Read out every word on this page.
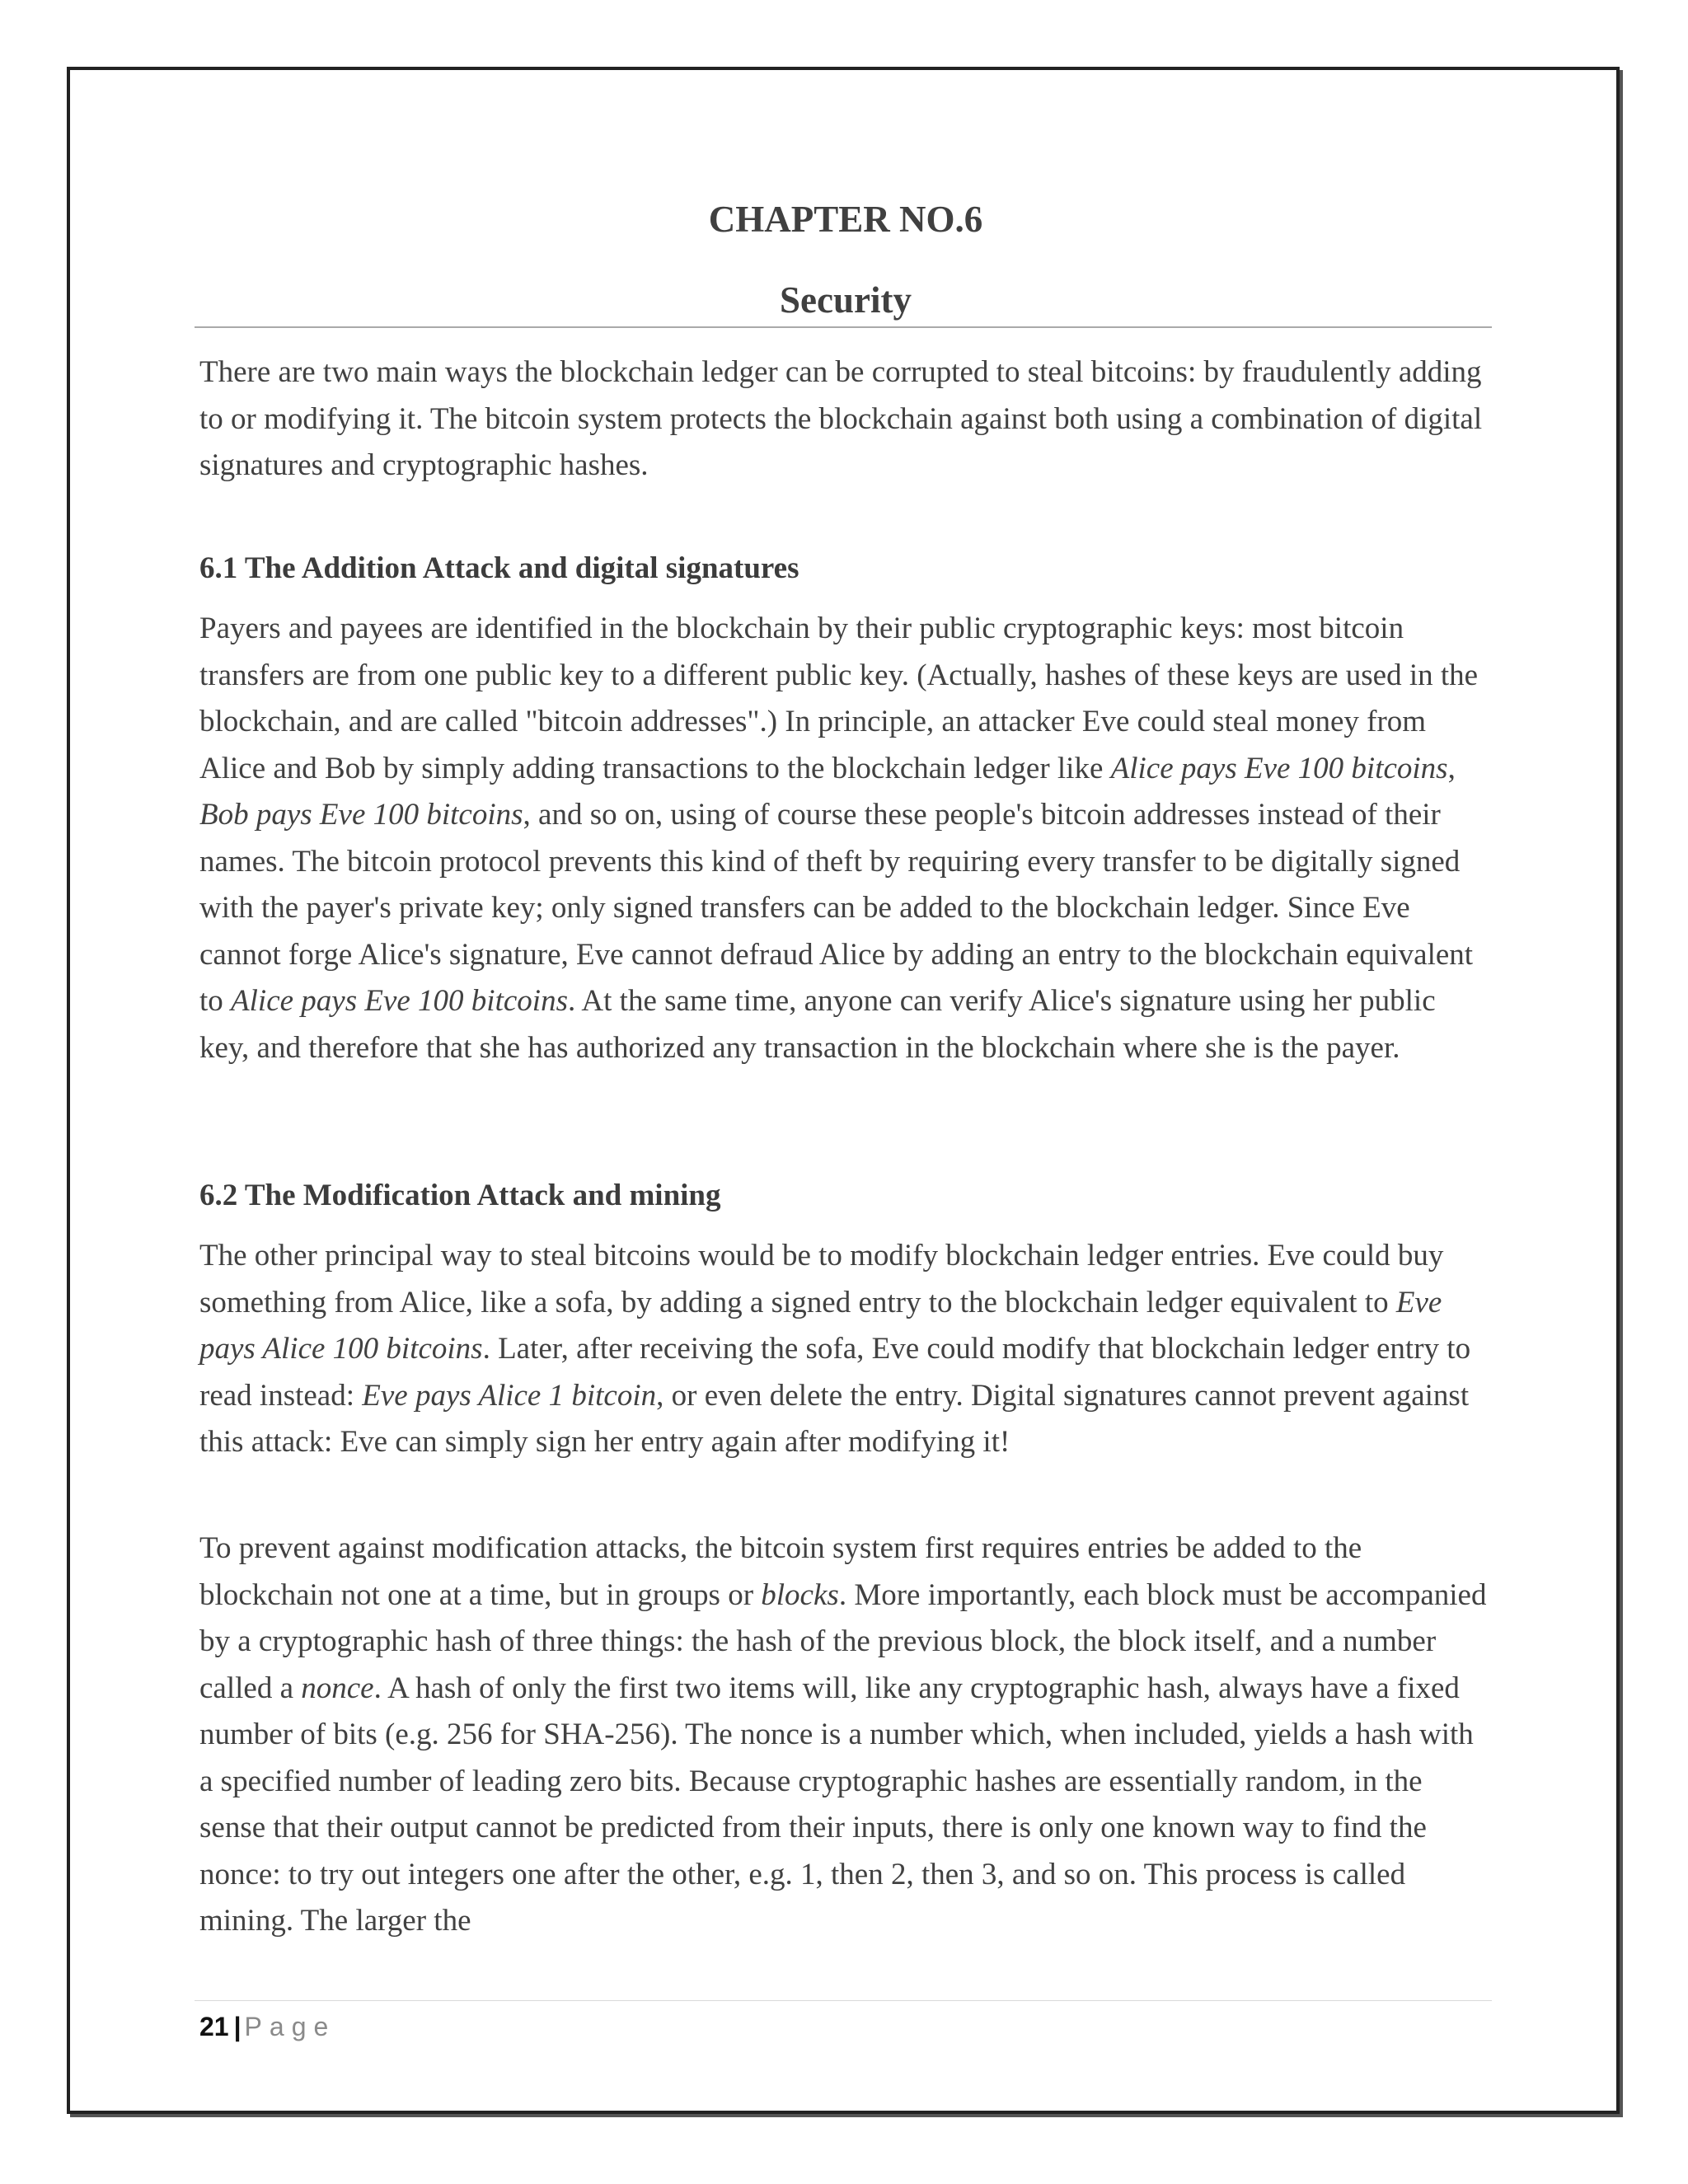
CHAPTER NO.6
Security

There are two main ways the blockchain ledger can be corrupted to steal bitcoins: by fraudulently adding to or modifying it. The bitcoin system protects the blockchain against both using a combination of digital signatures and cryptographic hashes.

6.1 The Addition Attack and digital signatures

Payers and payees are identified in the blockchain by their public cryptographic keys: most bitcoin transfers are from one public key to a different public key. (Actually, hashes of these keys are used in the blockchain, and are called "bitcoin addresses".) In principle, an attacker Eve could steal money from Alice and Bob by simply adding transactions to the blockchain ledger like Alice pays Eve 100 bitcoins, Bob pays Eve 100 bitcoins, and so on, using of course these people's bitcoin addresses instead of their names. The bitcoin protocol prevents this kind of theft by requiring every transfer to be digitally signed with the payer's private key; only signed transfers can be added to the blockchain ledger. Since Eve cannot forge Alice's signature, Eve cannot defraud Alice by adding an entry to the blockchain equivalent to Alice pays Eve 100 bitcoins. At the same time, anyone can verify Alice's signature using her public key, and therefore that she has authorized any transaction in the blockchain where she is the payer.

6.2 The Modification Attack and mining

The other principal way to steal bitcoins would be to modify blockchain ledger entries. Eve could buy something from Alice, like a sofa, by adding a signed entry to the blockchain ledger equivalent to Eve pays Alice 100 bitcoins. Later, after receiving the sofa, Eve could modify that blockchain ledger entry to read instead: Eve pays Alice 1 bitcoin, or even delete the entry. Digital signatures cannot prevent against this attack: Eve can simply sign her entry again after modifying it!

To prevent against modification attacks, the bitcoin system first requires entries be added to the blockchain not one at a time, but in groups or blocks. More importantly, each block must be accompanied by a cryptographic hash of three things: the hash of the previous block, the block itself, and a number called a nonce. A hash of only the first two items will, like any cryptographic hash, always have a fixed number of bits (e.g. 256 for SHA-256). The nonce is a number which, when included, yields a hash with a specified number of leading zero bits. Because cryptographic hashes are essentially random, in the sense that their output cannot be predicted from their inputs, there is only one known way to find the nonce: to try out integers one after the other, e.g. 1, then 2, then 3, and so on. This process is called mining. The larger the

21 | Page
